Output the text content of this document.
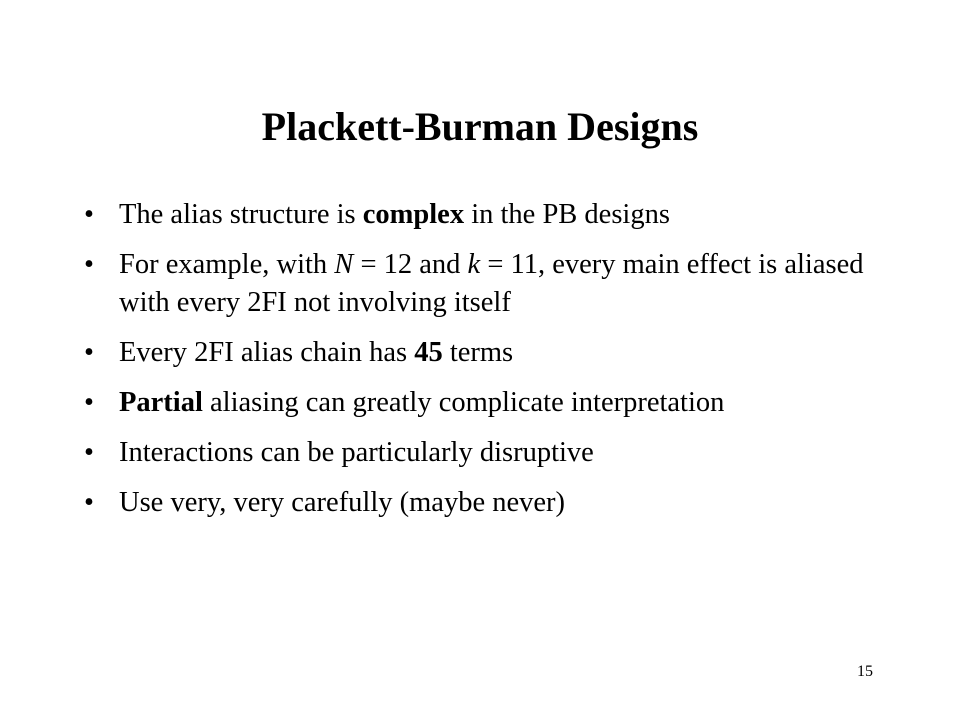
Plackett-Burman Designs
• The alias structure is complex in the PB designs
• For example, with N = 12 and k = 11, every main effect is aliased with every 2FI not involving itself
• Every 2FI alias chain has 45 terms
• Partial aliasing can greatly complicate interpretation
• Interactions can be particularly disruptive
• Use very, very carefully (maybe never)
15
